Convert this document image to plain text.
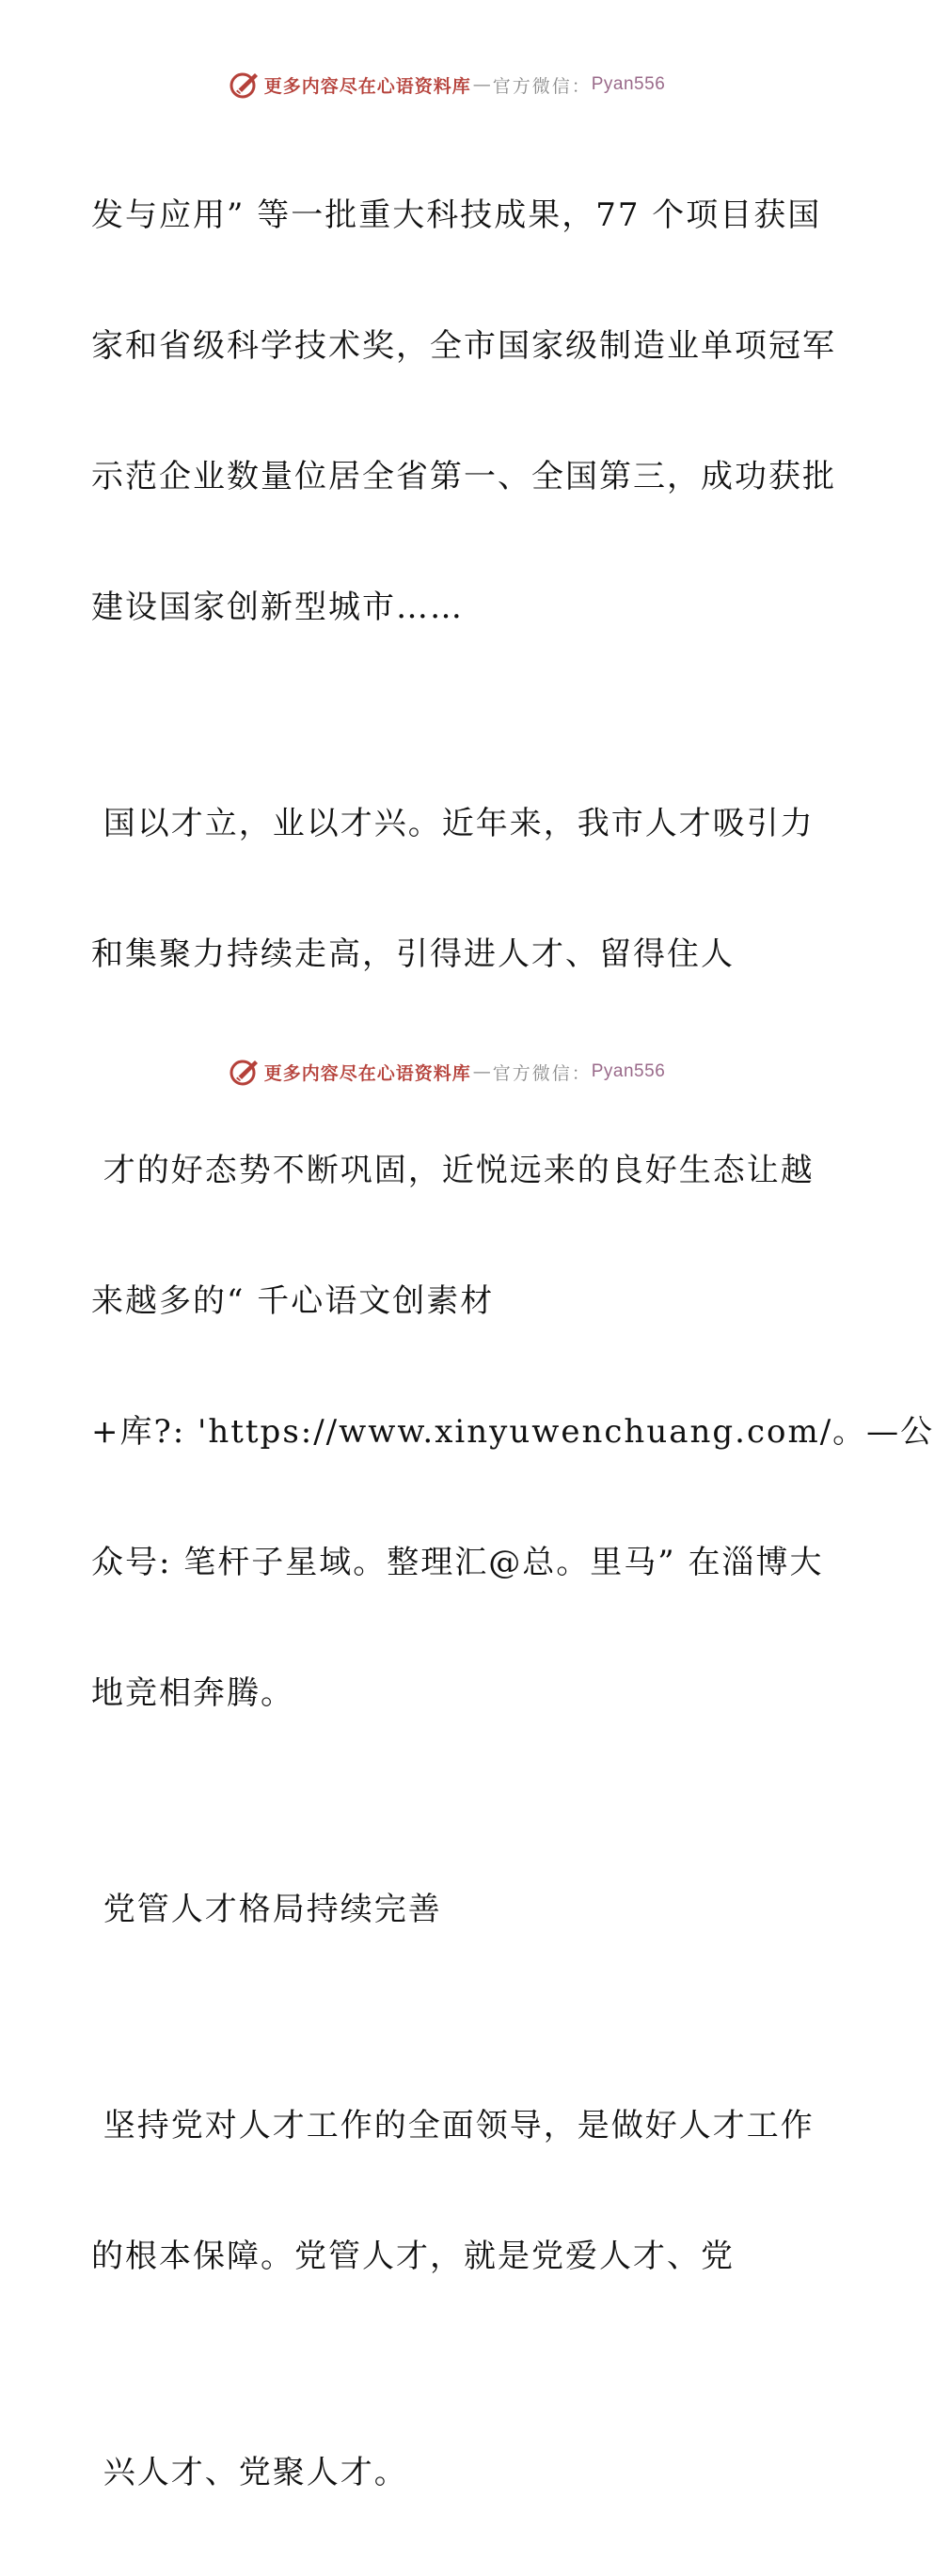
更多内容尽在心语资料库 — 官方微信： Pyan556

发与应用” 等一批重大科技成果，77 个项目获国

家和省级科学技术奖，全市国家级制造业单项冠军

示范企业数量位居全省第一、全国第三，成功获批

建设国家创新型城市……

国以才立，业以才兴。近年来，我市人才吸引力

和集聚力持续走高，引得进人才、留得住人

才的好态势不断巩固，近悦远来的良好生态让越

来越多的“ 千心语文创素材

+库?: 'https://www.xinyuwenchuang.com/。—公

众号: 笔杆子星域。整理汇@总。里马” 在淄博大

地竞相奔腾。

党管人才格局持续完善

坚持党对人才工作的全面领导，是做好人才工作

的根本保障。党管人才，就是党爱人才、党

兴人才、党聚人才。

更多内容尽在心语资料库 — 官方微信： Pyan556
